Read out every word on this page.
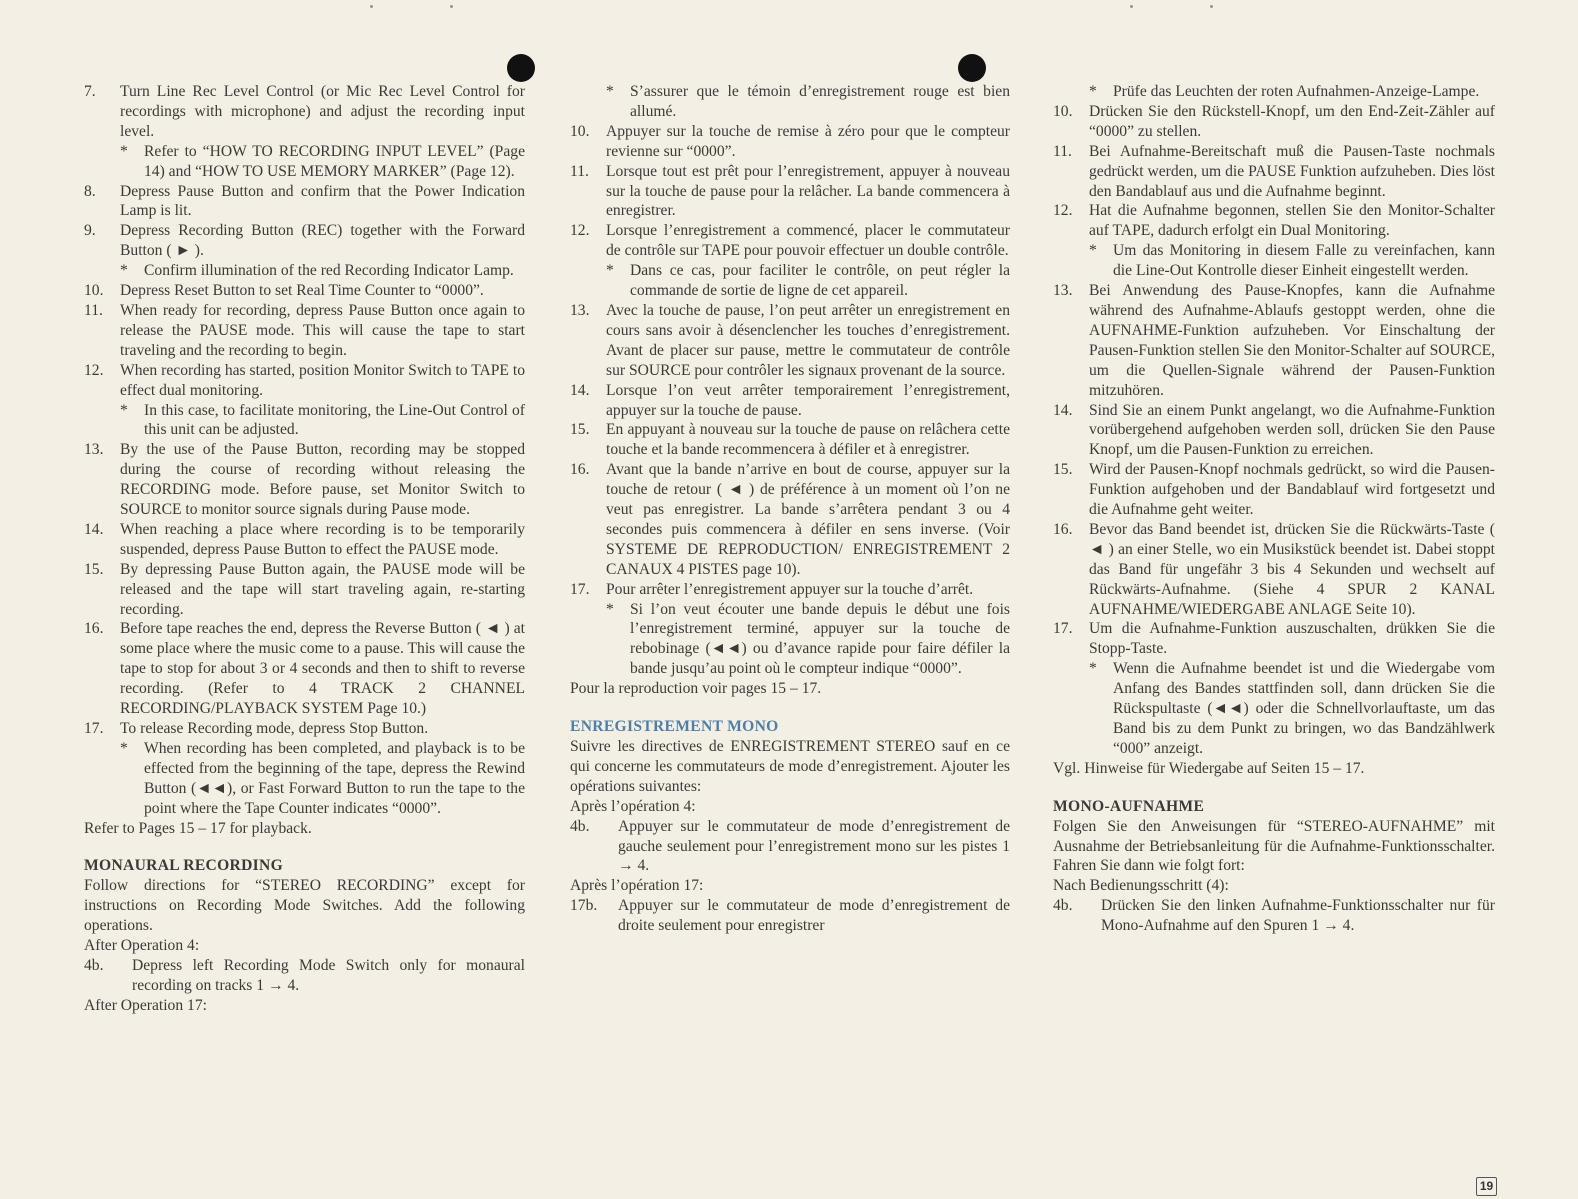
7. Turn Line Rec Level Control (or Mic Rec Level Control for recordings with microphone) and adjust the recording input level.
* Refer to “HOW TO RECORDING INPUT LEVEL” (Page 14) and “HOW TO USE MEMORY MARKER” (Page 12).
8. Depress Pause Button and confirm that the Power Indication Lamp is lit.
9. Depress Recording Button (REC) together with the Forward Button ( ► ).
* Confirm illumination of the red Recording Indicator Lamp.
10. Depress Reset Button to set Real Time Counter to “0000”.
11. When ready for recording, depress Pause Button once again to release the PAUSE mode. This will cause the tape to start traveling and the recording to begin.
12. When recording has started, position Monitor Switch to TAPE to effect dual monitoring.
* In this case, to facilitate monitoring, the Line-Out Control of this unit can be adjusted.
13. By the use of the Pause Button, recording may be stopped during the course of recording without releasing the RECORDING mode. Before pause, set Monitor Switch to SOURCE to monitor source signals during Pause mode.
14. When reaching a place where recording is to be temporarily suspended, depress Pause Button to effect the PAUSE mode.
15. By depressing Pause Button again, the PAUSE mode will be released and the tape will start traveling again, re-starting recording.
16. Before tape reaches the end, depress the Reverse Button ( ◄ ) at some place where the music come to a pause. This will cause the tape to stop for about 3 or 4 seconds and then to shift to reverse recording. (Refer to 4 TRACK 2 CHANNEL RECORDING/PLAYBACK SYSTEM Page 10.)
17. To release Recording mode, depress Stop Button.
* When recording has been completed, and playback is to be effected from the beginning of the tape, depress the Rewind Button (◄◄), or Fast Forward Button to run the tape to the point where the Tape Counter indicates “0000”.

Refer to Pages 15 – 17 for playback.

MONAURAL RECORDING

Follow directions for “STEREO RECORDING” except for instructions on Recording Mode Switches. Add the following operations.

After Operation 4:

4b. Depress left Recording Mode Switch only for monaural recording on tracks 1 → 4.

After Operation 17:

* S’assurer que le témoin d’enregistrement rouge est bien allumé.
10. Appuyer sur la touche de remise à zéro pour que le compteur revienne sur “0000”.
11. Lorsque tout est prêt pour l’enregistrement, appuyer à nouveau sur la touche de pause pour la relâcher. La bande commencera à enregistrer.
12. Lorsque l’enregistrement a commencé, placer le commutateur de contrôle sur TAPE pour pouvoir effectuer un double contrôle.
* Dans ce cas, pour faciliter le contrôle, on peut régler la commande de sortie de ligne de cet appareil.
13. Avec la touche de pause, l’on peut arrêter un enregistrement en cours sans avoir à désenclencher les touches d’enregistrement. Avant de placer sur pause, mettre le commutateur de contrôle sur SOURCE pour contrôler les signaux provenant de la source.
14. Lorsque l’on veut arrêter temporairement l’enregistrement, appuyer sur la touche de pause.
15. En appuyant à nouveau sur la touche de pause on relâchera cette touche et la bande recommencera à défiler et à enregistrer.
16. Avant que la bande n’arrive en bout de course, appuyer sur la touche de retour ( ◄ ) de préférence à un moment où l’on ne veut pas enregistrer. La bande s’arrêtera pendant 3 ou 4 secondes puis commencera à défiler en sens inverse. (Voir SYSTEME DE REPRODUCTION/ ENREGISTREMENT 2 CANAUX 4 PISTES page 10).
17. Pour arrêter l’enregistrement appuyer sur la touche d’arrêt.
* Si l’on veut écouter une bande depuis le début une fois l’enregistrement terminé, appuyer sur la touche de rebobinage (◄◄) ou d’avance rapide pour faire défiler la bande jusqu’au point où le compteur indique “0000”.

Pour la reproduction voir pages 15 – 17.

ENREGISTREMENT MONO

Suivre les directives de ENREGISTREMENT STEREO sauf en ce qui concerne les commutateurs de mode d’enregistrement. Ajouter les opérations suivantes:

Après l’opération 4:

4b. Appuyer sur le commutateur de mode d’enregistrement de gauche seulement pour l’enregistrement mono sur les pistes 1 → 4.

Après l’opération 17:

17b. Appuyer sur le commutateur de mode d’enregistrement de droite seulement pour enregistrer
* Prüfe das Leuchten der roten Aufnahmen-Anzeige-Lampe.
10. Drücken Sie den Rückstell-Knopf, um den End-Zeit-Zähler auf “0000” zu stellen.
11. Bei Aufnahme-Bereitschaft muß die Pausen-Taste nochmals gedrückt werden, um die PAUSE Funktion aufzuheben. Dies löst den Bandablauf aus und die Aufnahme beginnt.
12. Hat die Aufnahme begonnen, stellen Sie den Monitor-Schalter auf TAPE, dadurch erfolgt ein Dual Monitoring.
* Um das Monitoring in diesem Falle zu vereinfachen, kann die Line-Out Kontrolle dieser Einheit eingestellt werden.
13. Bei Anwendung des Pause-Knopfes, kann die Aufnahme während des Aufnahme-Ablaufs gestoppt werden, ohne die AUFNAHME-Funktion aufzuheben. Vor Einschaltung der Pausen-Funktion stellen Sie den Monitor-Schalter auf SOURCE, um die Quellen-Signale während der Pausen-Funktion mitzuhören.
14. Sind Sie an einem Punkt angelangt, wo die Aufnahme-Funktion vorübergehend aufgehoben werden soll, drücken Sie den Pause Knopf, um die Pausen-Funktion zu erreichen.
15. Wird der Pausen-Knopf nochmals gedrückt, so wird die Pausen-Funktion aufgehoben und der Bandablauf wird fortgesetzt und die Aufnahme geht weiter.
16. Bevor das Band beendet ist, drücken Sie die Rückwärts-Taste ( ◄ ) an einer Stelle, wo ein Musikstück beendet ist. Dabei stoppt das Band für ungefähr 3 bis 4 Sekunden und wechselt auf Rückwärts-Aufnahme. (Siehe 4 SPUR 2 KANAL AUFNAHME/WIEDERGABE ANLAGE Seite 10).
17. Um die Aufnahme-Funktion auszuschalten, drükken Sie die Stopp-Taste.
* Wenn die Aufnahme beendet ist und die Wiedergabe vom Anfang des Bandes stattfinden soll, dann drücken Sie die Rückspultaste (◄◄) oder die Schnellvorlauftaste, um das Band bis zu dem Punkt zu bringen, wo das Bandzählwerk “000” anzeigt.

Vgl. Hinweise für Wiedergabe auf Seiten 15 – 17.

MONO-AUFNAHME

Folgen Sie den Anweisungen für “STEREO-AUFNAHME” mit Ausnahme der Betriebsanleitung für die Aufnahme-Funktionsschalter. Fahren Sie dann wie folgt fort:

Nach Bedienungsschritt (4):

4b. Drücken Sie den linken Aufnahme-Funktionsschalter nur für Mono-Aufnahme auf den Spuren 1 → 4.
19
